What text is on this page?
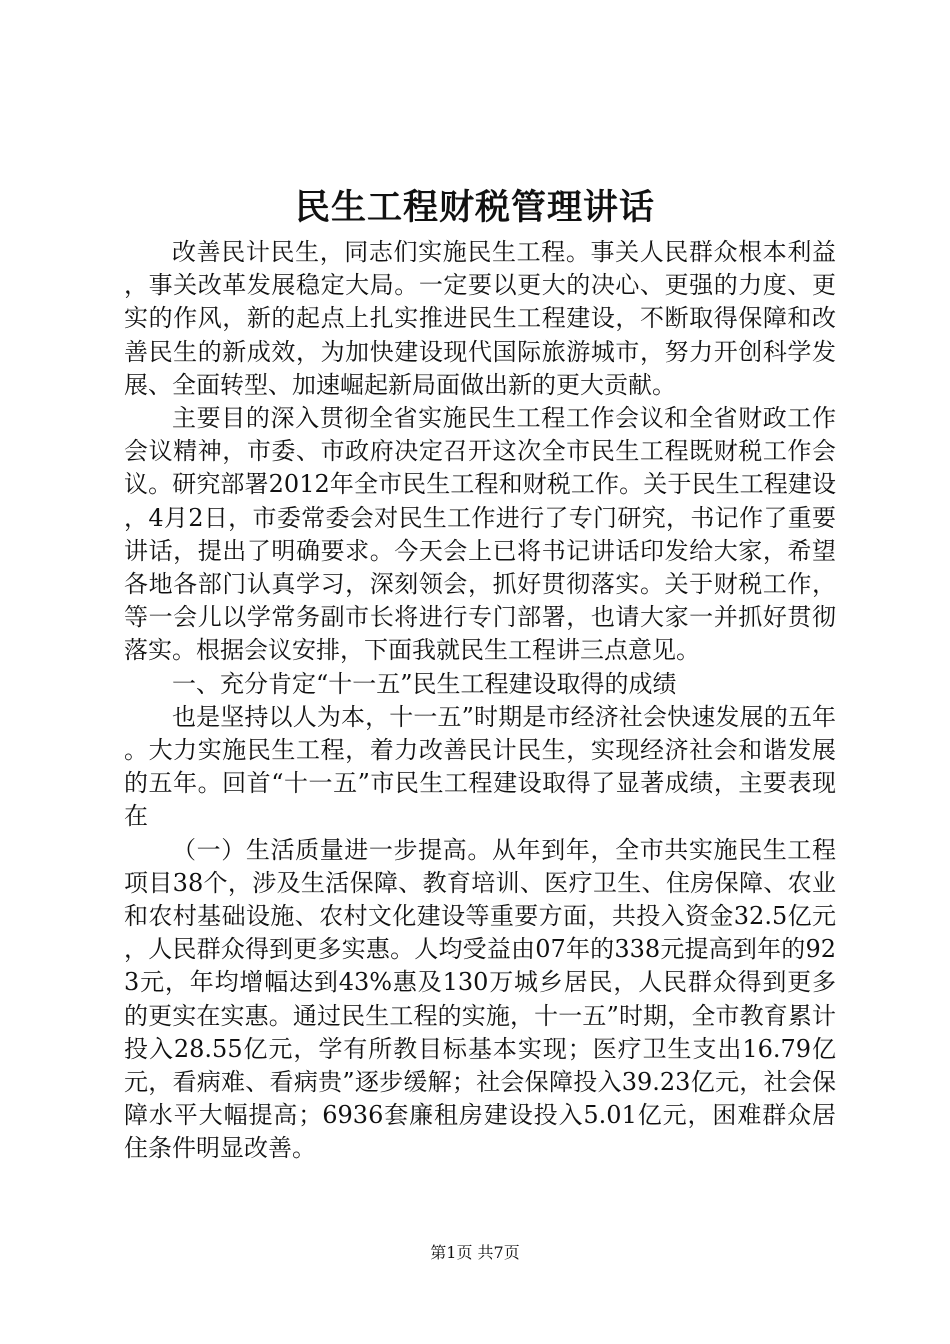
民生工程财税管理讲话

改善民计民生，同志们实施民生工程。事关人民群众根本利益，事关改革发展稳定大局。一定要以更大的决心、更强的力度、更实的作风，新的起点上扎实推进民生工程建设，不断取得保障和改善民生的新成效，为加快建设现代国际旅游城市，努力开创科学发展、全面转型、加速崛起新局面做出新的更大贡献。

主要目的深入贯彻全省实施民生工程工作会议和全省财政工作会议精神，市委、市政府决定召开这次全市民生工程既财税工作会议。研究部署2012年全市民生工程和财税工作。关于民生工程建设，4月2日，市委常委会对民生工作进行了专门研究，书记作了重要讲话，提出了明确要求。今天会上已将书记讲话印发给大家，希望各地各部门认真学习，深刻领会，抓好贯彻落实。关于财税工作，等一会儿以学常务副市长将进行专门部署，也请大家一并抓好贯彻落实。根据会议安排，下面我就民生工程讲三点意见。

一、充分肯定“十一五”民生工程建设取得的成绩

也是坚持以人为本，十一五”时期是市经济社会快速发展的五年。大力实施民生工程，着力改善民计民生，实现经济社会和谐发展的五年。回首“十一五”市民生工程建设取得了显著成绩，主要表现在

（一）生活质量进一步提高。从年到年，全市共实施民生工程项目38个，涉及生活保障、教育培训、医疗卫生、住房保障、农业和农村基础设施、农村文化建设等重要方面，共投入资金32.5亿元，人民群众得到更多实惠。人均受益由07年的338元提高到年的923元，年均增幅达到43%惠及130万城乡居民，人民群众得到更多的更实在实惠。通过民生工程的实施，十一五”时期，全市教育累计投入28.55亿元，学有所教目标基本实现；医疗卫生支出16.79亿元，看病难、看病贵”逐步缓解；社会保障投入39.23亿元，社会保障水平大幅提高；6936套廉租房建设投入5.01亿元，困难群众居住条件明显改善。

第1页 共7页
